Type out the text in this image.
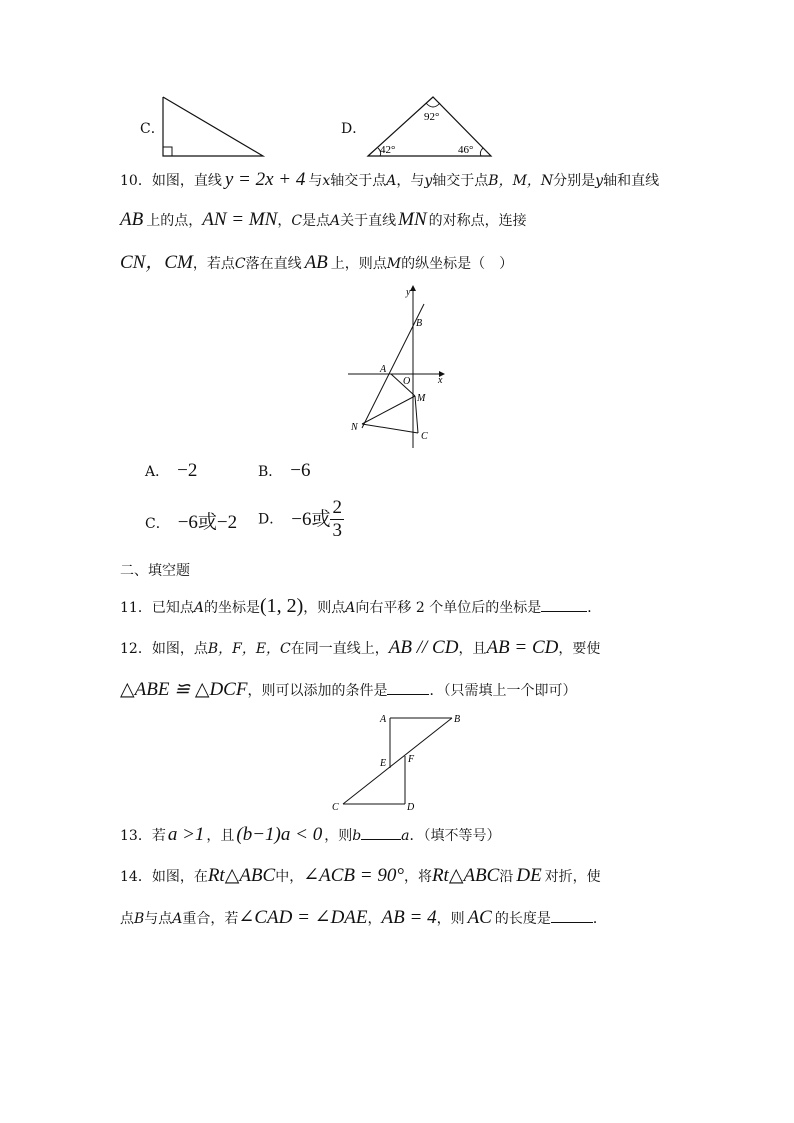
C．	D．
92°
42°	46°
10．如图，直线 y = 2x + 4 与x轴交于点A，与y轴交于点B，M，N分别是y轴和直线
AB 上的点，AN = MN，C是点A关于直线 MN 的对称点，连接
CN，CM，若点C落在直线 AB 上，则点M的纵坐标是（　）
y
x
B
A
O
M
N
C
A． −2	B． −6
C． −6或−2 D． −6或 $\frac{2}{3}$
二、填空题
11．已知点A的坐标是(1, 2)，则点A向右平移 2 个单位后的坐标是	．
12．如图，点B，F，E，C在同一直线上，AB // CD，且AB = CD，要使
△ABE ≌ △DCF，则可以添加的条件是	．（只需填上一个即可）
A	B
E F
C	D
13．若 a >1 ，且 (b−1)a < 0 ，则b	a．（填不等号）
14．如图，在Rt△ABC中，∠ACB = 90°，将Rt△ABC沿 DE 对折，使
点B与点A重合，若∠CAD = ∠DAE，AB = 4，则 AC 的长度是	．
